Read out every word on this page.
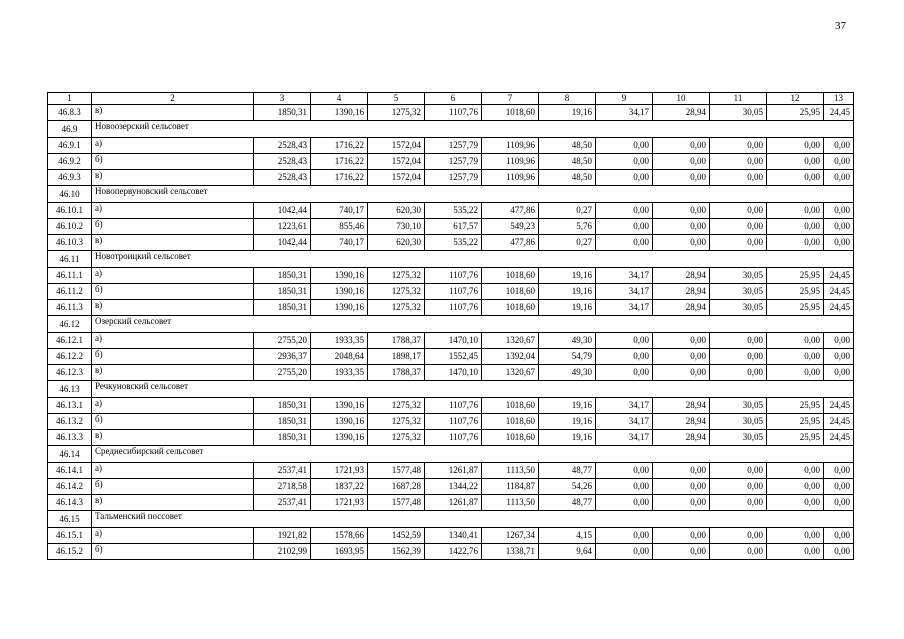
37
1	2	3	4	5	6	7	8	9	10	11	12	13
46.8.3	в)	1850,31	1390,16	1275,32	1107,76	1018,60	19,16	34,17	28,94	30,05	25,95	24,45
46.9	Новоозерский сельсовет											
46.9.1	а)	2528,43	1716,22	1572,04	1257,79	1109,96	48,50	0,00	0,00	0,00	0,00	0,00
46.9.2	б)	2528,43	1716,22	1572,04	1257,79	1109,96	48,50	0,00	0,00	0,00	0,00	0,00
46.9.3	в)	2528,43	1716,22	1572,04	1257,79	1109,96	48,50	0,00	0,00	0,00	0,00	0,00
46.10	Новопервуновский сельсовет											
46.10.1	а)	1042,44	740,17	620,30	535,22	477,86	0,27	0,00	0,00	0,00	0,00	0,00
46.10.2	б)	1223,61	855,46	730,10	617,57	549,23	5,76	0,00	0,00	0,00	0,00	0,00
46.10.3	в)	1042,44	740,17	620,30	535,22	477,86	0,27	0,00	0,00	0,00	0,00	0,00
46.11	Новотроицкий сельсовет											
46.11.1	а)	1850,31	1390,16	1275,32	1107,76	1018,60	19,16	34,17	28,94	30,05	25,95	24,45
46.11.2	б)	1850,31	1390,16	1275,32	1107,76	1018,60	19,16	34,17	28,94	30,05	25,95	24,45
46.11.3	в)	1850,31	1390,16	1275,32	1107,76	1018,60	19,16	34,17	28,94	30,05	25,95	24,45
46.12	Озерский сельсовет											
46.12.1	а)	2755,20	1933,35	1788,37	1470,10	1320,67	49,30	0,00	0,00	0,00	0,00	0,00
46.12.2	б)	2936,37	2048,64	1898,17	1552,45	1392,04	54,79	0,00	0,00	0,00	0,00	0,00
46.12.3	в)	2755,20	1933,35	1788,37	1470,10	1320,67	49,30	0,00	0,00	0,00	0,00	0,00
46.13	Речкуновский сельсовет											
46.13.1	а)	1850,31	1390,16	1275,32	1107,76	1018,60	19,16	34,17	28,94	30,05	25,95	24,45
46.13.2	б)	1850,31	1390,16	1275,32	1107,76	1018,60	19,16	34,17	28,94	30,05	25,95	24,45
46.13.3	в)	1850,31	1390,16	1275,32	1107,76	1018,60	19,16	34,17	28,94	30,05	25,95	24,45
46.14	Среднесибирский сельсовет											
46.14.1	а)	2537,41	1721,93	1577,48	1261,87	1113,50	48,77	0,00	0,00	0,00	0,00	0,00
46.14.2	б)	2718,58	1837,22	1687,28	1344,22	1184,87	54,26	0,00	0,00	0,00	0,00	0,00
46.14.3	в)	2537,41	1721,93	1577,48	1261,87	1113,50	48,77	0,00	0,00	0,00	0,00	0,00
46.15	Тальменский поссовет											
46.15.1	а)	1921,82	1578,66	1452,59	1340,41	1267,34	4,15	0,00	0,00	0,00	0,00	0,00
46.15.2	б)	2102,99	1693,95	1562,39	1422,76	1338,71	9,64	0,00	0,00	0,00	0,00	0,00
